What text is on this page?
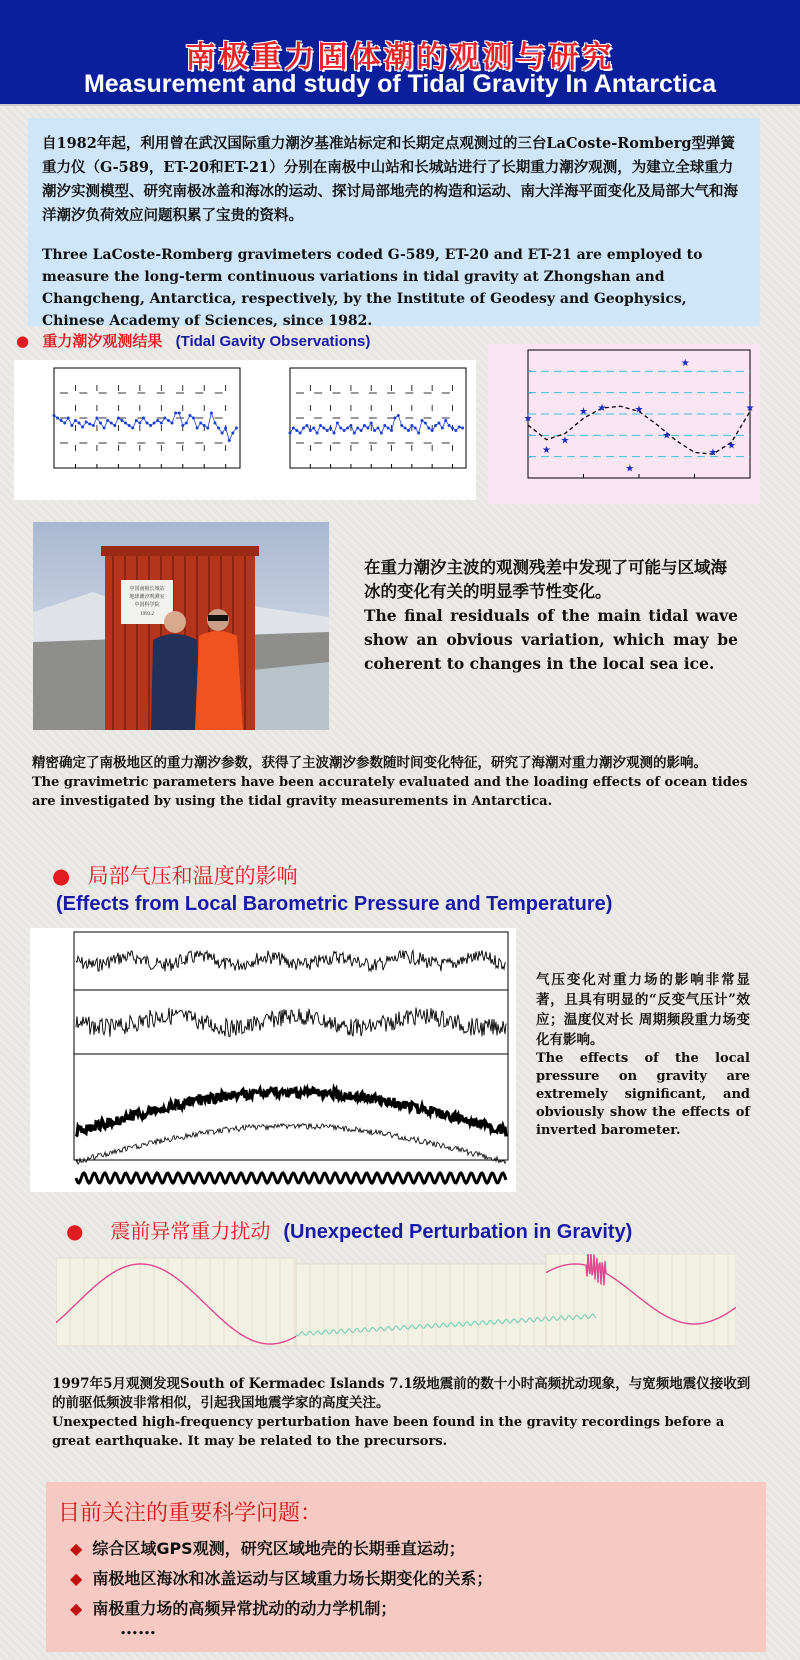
南极重力固体潮的观测与研究
Measurement and study of Tidal Gravity In Antarctica

自1982年起，利用曾在武汉国际重力潮汐基准站标定和长期定点观测过的三台LaCoste-Romberg型弹簧重力仪（G-589，ET-20和ET-21）分别在南极中山站和长城站进行了长期重力潮汐观测，为建立全球重力潮汐实测模型、研究南极冰盖和海冰的运动、探讨局部地壳的构造和运动、南大洋海平面变化及局部大气和海洋潮汐负荷效应问题积累了宝贵的资料。

Three LaCoste-Romberg gravimeters coded G-589, ET-20 and ET-21 are employed to measure the long-term continuous variations in tidal gravity at Zhongshan and Changcheng, Antarctica, respectively, by the Institute of Geodesy and Geophysics, Chinese Academy of Sciences, since 1982.

● 重力潮汐观测结果 (Tidal Gavity Observations)
★
★
★
★ ★
★
★
★
★
★
★
★
中国南极长城站
地球潮汐观测室
中国科学院
1993.2

在重力潮汐主波的观测残差中发现了可能与区域海冰的变化有关的明显季节性变化。

The final residuals of the main tidal wave show an obvious variation, which may be coherent to changes in the local sea ice.

精密确定了南极地区的重力潮汐参数，获得了主波潮汐参数随时间变化特征，研究了海潮对重力潮汐观测的影响。

The gravimetric parameters have been accurately evaluated and the loading effects of ocean tides are investigated by using the tidal gravity measurements in Antarctica.

● 局部气压和温度的影响
(Effects from Local Barometric Pressure and Temperature)

气压变化对重力场的影响非常显著，且具有明显的“反变气压计”效应；温度仪对长 周期频段重力场变化有影响。

The effects of the local pressure on gravity are extremely significant, and obviously show the effects of inverted barometer.

● 震前异常重力扰动 (Unexpected Perturbation in Gravity)

1997年5月观测发现South of Kermadec Islands 7.1级地震前的数十小时高频扰动现象，与宽频地震仪接收到的前驱低频波非常相似，引起我国地震学家的高度关注。

Unexpected high-frequency perturbation have been found in the gravity recordings before a great earthquake. It may be related to the precursors.

目前关注的重要科学问题：
◆ 综合区域GPS观测，研究区域地壳的长期垂直运动；
◆ 南极地区海冰和冰盖运动与区域重力场长期变化的关系；
◆ 南极重力场的高频异常扰动的动力学机制；
……
